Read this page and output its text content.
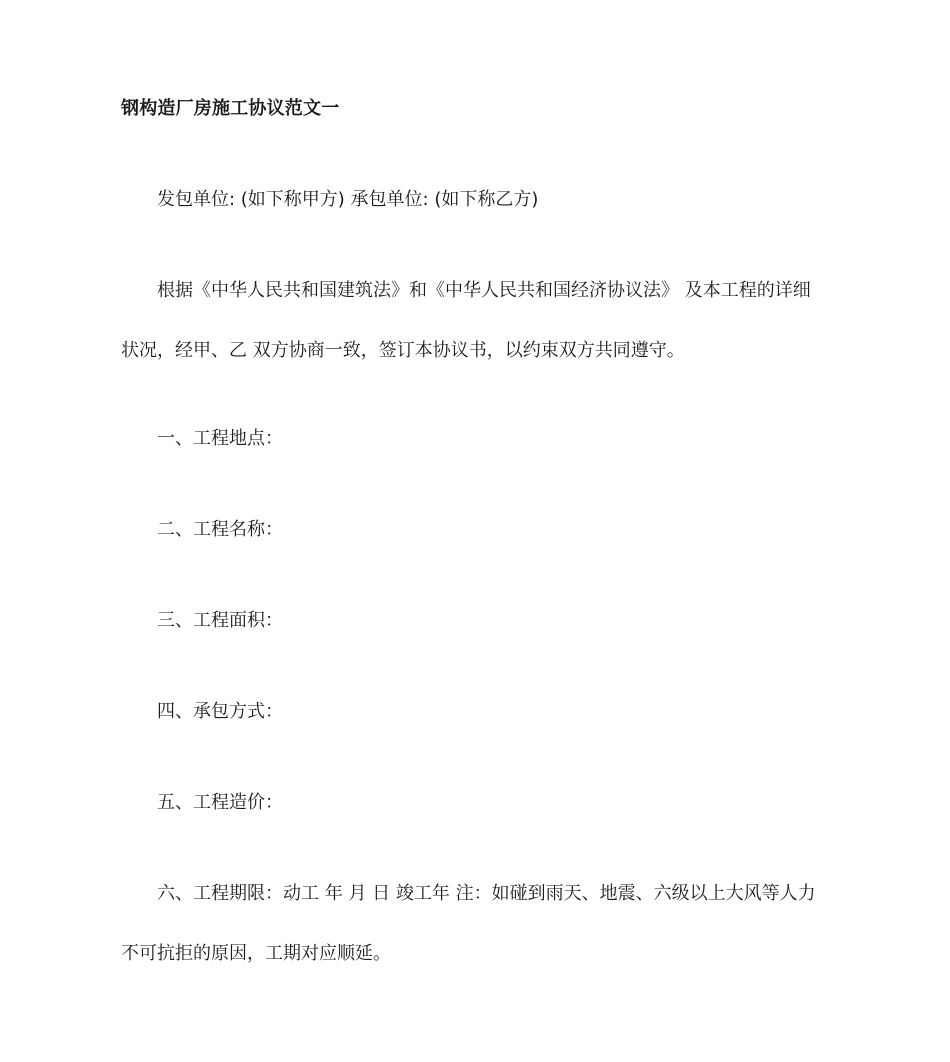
钢构造厂房施工协议范文一
发包单位: (如下称甲方) 承包单位: (如下称乙方)
根据《中华人民共和国建筑法》和《中华人民共和国经济协议法》 及本工程的详细
状况，经甲、乙 双方协商一致，签订本协议书，以约束双方共同遵守。
一、工程地点：
二、工程名称：
三、工程面积：
四、承包方式：
五、工程造价：
六、工程期限：动工 年 月 日 竣工年 注：如碰到雨天、地震、六级以上大风等人力
不可抗拒的原因，工期对应顺延。
